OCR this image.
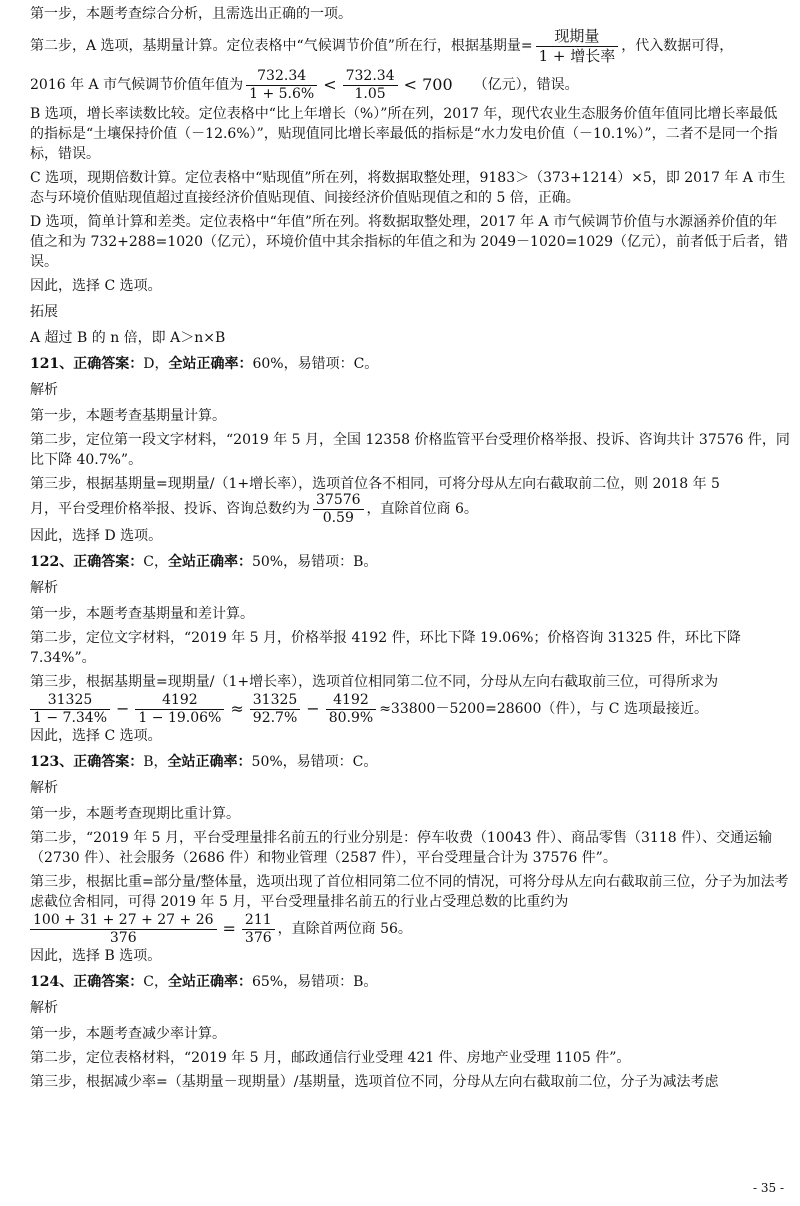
第一步，本题考查综合分析，且需选出正确的一项。

第二步，A 选项，基期量计算。定位表格中“气候调节价值”所在行，根据基期量= $\frac{\text{现期量}}{\text{1 + 增长率}}$ ，代入数据可得，

2016 年 A 市气候调节价值年值为 $\frac{732.34}{1 + 5.6\%} < \frac{732.34}{1.05} < 700$ （亿元），错误。

B 选项，增长率读数比较。定位表格中“比上年增长（%）”所在列，2017 年，现代农业生态服务价值年值同比增长率最低的指标是“土壤保持价值（－12.6%）”，贴现值同比增长率最低的指标是“水力发电价值（－10.1%）”，二者不是同一个指标，错误。

C 选项，现期倍数计算。定位表格中“贴现值”所在列，将数据取整处理，9183＞（373+1214）×5，即 2017 年 A 市生态与环境价值贴现值超过直接经济价值贴现值、间接经济价值贴现值之和的 5 倍，正确。

D 选项，简单计算和差类。定位表格中“年值”所在列。将数据取整处理，2017 年 A 市气候调节价值与水源涵养价值的年值之和为 732+288=1020（亿元），环境价值中其余指标的年值之和为 2049－1020=1029（亿元），前者低于后者，错误。

因此，选择 C 选项。

拓展

A 超过 B 的 n 倍，即 A＞n×B

121、正确答案：D，全站正确率：60%，易错项：C。

解析

第一步，本题考查基期量计算。

第二步，定位第一段文字材料，“2019 年 5 月，全国 12358 价格监管平台受理价格举报、投诉、咨询共计 37576 件，同比下降 40.7%”。

第三步，根据基期量=现期量/（1+增长率），选项首位各不相同，可将分母从左向右截取前二位，则 2018 年 5

月，平台受理价格举报、投诉、咨询总数约为 $\frac{37576}{0.59}$ ，直除首位商 6。

因此，选择 D 选项。

122、正确答案：C，全站正确率：50%，易错项：B。

解析

第一步，本题考查基期量和差计算。

第二步，定位文字材料，“2019 年 5 月，价格举报 4192 件，环比下降 19.06%；价格咨询 31325 件，环比下降 7.34%”。

第三步，根据基期量=现期量/（1+增长率），选项首位相同第二位不同，分母从左向右截取前三位，可得所求为

$\frac{31325}{1 - 7.34\%} - \frac{4192}{1 - 19.06\%} \approx \frac{31325}{92.7\%} - \frac{4192}{80.9\%} \approx 33800-5200=28600$（件），与 C 选项最接近。

因此，选择 C 选项。

123、正确答案：B，全站正确率：50%，易错项：C。

解析

第一步，本题考查现期比重计算。

第二步，“2019 年 5 月，平台受理量排名前五的行业分别是：停车收费（10043 件）、商品零售（3118 件）、交通运输（2730 件）、社会服务（2686 件）和物业管理（2587 件），平台受理量合计为 37576 件”。

第三步，根据比重=部分量/整体量，选项出现了首位相同第二位不同的情况，可将分母从左向右截取前三位，分子为加法考虑截位舍相同，可得 2019 年 5 月，平台受理量排名前五的行业占受理总数的比重约为

$\frac{100 + 31 + 27 + 27 + 26}{376} = \frac{211}{376}$ ，直除首两位商 56。

因此，选择 B 选项。

124、正确答案：C，全站正确率：65%，易错项：B。

解析

第一步，本题考查减少率计算。

第二步，定位表格材料，“2019 年 5 月，邮政通信行业受理 421 件、房地产业受理 1105 件”。

第三步，根据减少率=（基期量－现期量）/基期量，选项首位不同，分母从左向右截取前二位，分子为减法考虑

- 35 -
